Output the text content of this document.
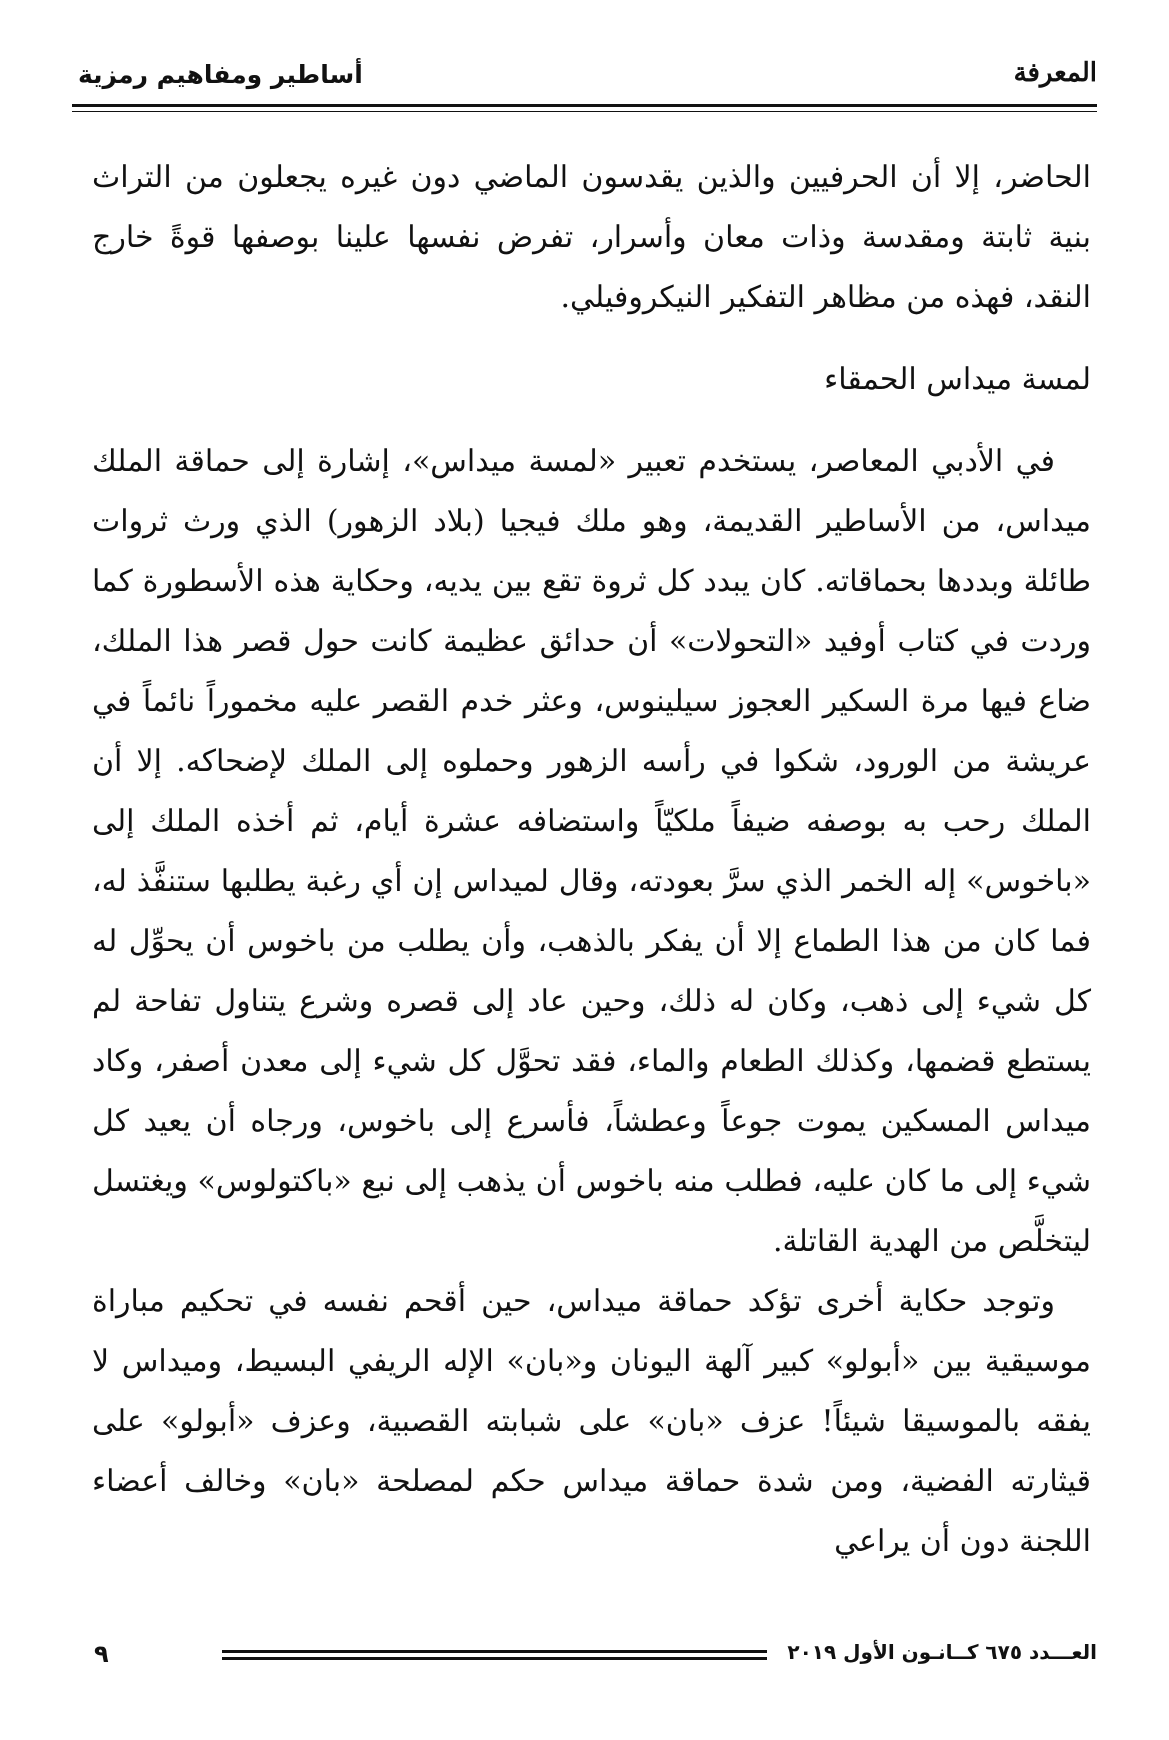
المعرفة
أساطير ومفاهيم رمزية

الحاضر، إلا أن الحرفيين والذين يقدسون الماضي دون غيره يجعلون من التراث بنية ثابتة ومقدسة وذات معان وأسرار، تفرض نفسها علينا بوصفها قوةً خارج النقد، فهذه من مظاهر التفكير النيكروفيلي.

لمسة ميداس الحمقاء

في الأدبي المعاصر، يستخدم تعبير «لمسة ميداس»، إشارة إلى حماقة الملك ميداس، من الأساطير القديمة، وهو ملك فيجيا (بلاد الزهور) الذي ورث ثروات طائلة وبددها بحماقاته. كان يبدد كل ثروة تقع بين يديه، وحكاية هذه الأسطورة كما وردت في كتاب أوفيد «التحولات» أن حدائق عظيمة كانت حول قصر هذا الملك، ضاع فيها مرة السكير العجوز سيلينوس، وعثر خدم القصر عليه مخموراً نائماً في عريشة من الورود، شكوا في رأسه الزهور وحملوه إلى الملك لإضحاكه. إلا أن الملك رحب به بوصفه ضيفاً ملكيّاً واستضافه عشرة أيام، ثم أخذه الملك إلى «باخوس» إله الخمر الذي سرَّ بعودته، وقال لميداس إن أي رغبة يطلبها ستنفَّذ له، فما كان من هذا الطماع إلا أن يفكر بالذهب، وأن يطلب من باخوس أن يحوِّل له كل شيء إلى ذهب، وكان له ذلك، وحين عاد إلى قصره وشرع يتناول تفاحة لم يستطع قضمها، وكذلك الطعام والماء، فقد تحوَّل كل شيء إلى معدن أصفر، وكاد ميداس المسكين يموت جوعاً وعطشاً، فأسرع إلى باخوس، ورجاه أن يعيد كل شيء إلى ما كان عليه، فطلب منه باخوس أن يذهب إلى نبع «باكتولوس» ويغتسل ليتخلَّص من الهدية القاتلة.

وتوجد حكاية أخرى تؤكد حماقة ميداس، حين أقحم نفسه في تحكيم مباراة موسيقية بين «أبولو» كبير آلهة اليونان و«بان» الإله الريفي البسيط، وميداس لا يفقه بالموسيقا شيئاً! عزف «بان» على شبابته القصبية، وعزف «أبولو» على قيثارته الفضية، ومن شدة حماقة ميداس حكم لمصلحة «بان» وخالف أعضاء اللجنة دون أن يراعي

العـــدد ٦٧٥ كــانـون الأول ٢٠١٩
٩
